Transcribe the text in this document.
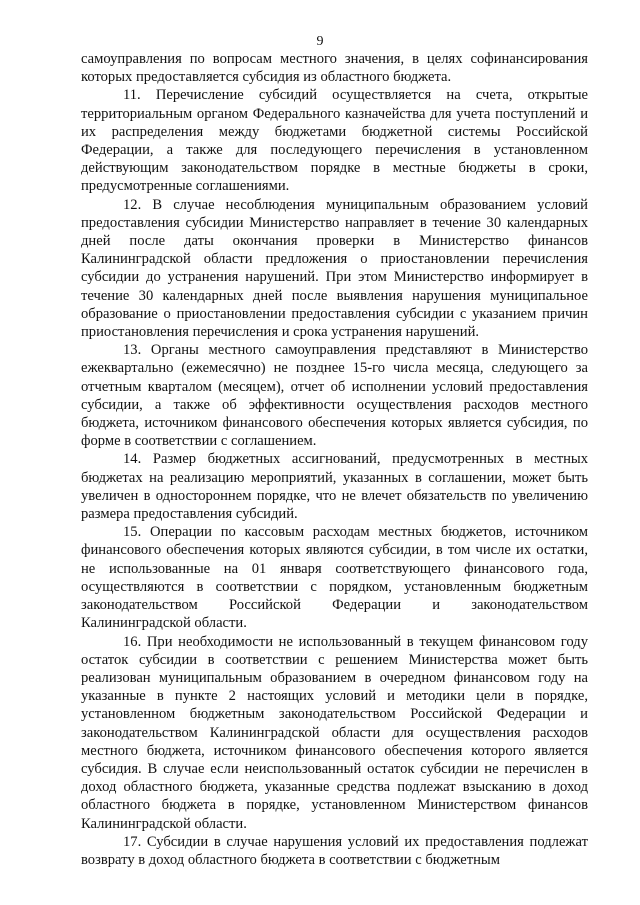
9

самоуправления по вопросам местного значения, в целях софинансирования которых предоставляется субсидия из областного бюджета.

11. Перечисление субсидий осуществляется на счета, открытые территориальным органом Федерального казначейства для учета поступлений и их распределения между бюджетами бюджетной системы Российской Федерации, а также для последующего перечисления в установленном действующим законодательством порядке в местные бюджеты в сроки, предусмотренные соглашениями.

12. В случае несоблюдения муниципальным образованием условий предоставления субсидии Министерство направляет в течение 30 календарных дней после даты окончания проверки в Министерство финансов Калининградской области предложения о приостановлении перечисления субсидии до устранения нарушений. При этом Министерство информирует в течение 30 календарных дней после выявления нарушения муниципальное образование о приостановлении предоставления субсидии с указанием причин приостановления перечисления и срока устранения нарушений.

13. Органы местного самоуправления представляют в Министерство ежеквартально (ежемесячно) не позднее 15-го числа месяца, следующего за отчетным кварталом (месяцем), отчет об исполнении условий предоставления субсидии, а также об эффективности осуществления расходов местного бюджета, источником финансового обеспечения которых является субсидия, по форме в соответствии с соглашением.

14. Размер бюджетных ассигнований, предусмотренных в местных бюджетах на реализацию мероприятий, указанных в соглашении, может быть увеличен в одностороннем порядке, что не влечет обязательств по увеличению размера предоставления субсидий.

15. Операции по кассовым расходам местных бюджетов, источником финансового обеспечения которых являются субсидии, в том числе их остатки, не использованные на 01 января соответствующего финансового года, осуществляются в соответствии с порядком, установленным бюджетным законодательством Российской Федерации и законодательством Калининградской области.

16. При необходимости не использованный в текущем финансовом году остаток субсидии в соответствии с решением Министерства может быть реализован муниципальным образованием в очередном финансовом году на указанные в пункте 2 настоящих условий и методики цели в порядке, установленном бюджетным законодательством Российской Федерации и законодательством Калининградской области для осуществления расходов местного бюджета, источником финансового обеспечения которого является субсидия. В случае если неиспользованный остаток субсидии не перечислен в доход областного бюджета, указанные средства подлежат взысканию в доход областного бюджета в порядке, установленном Министерством финансов Калининградской области.

17. Субсидии в случае нарушения условий их предоставления подлежат возврату в доход областного бюджета в соответствии с бюджетным
